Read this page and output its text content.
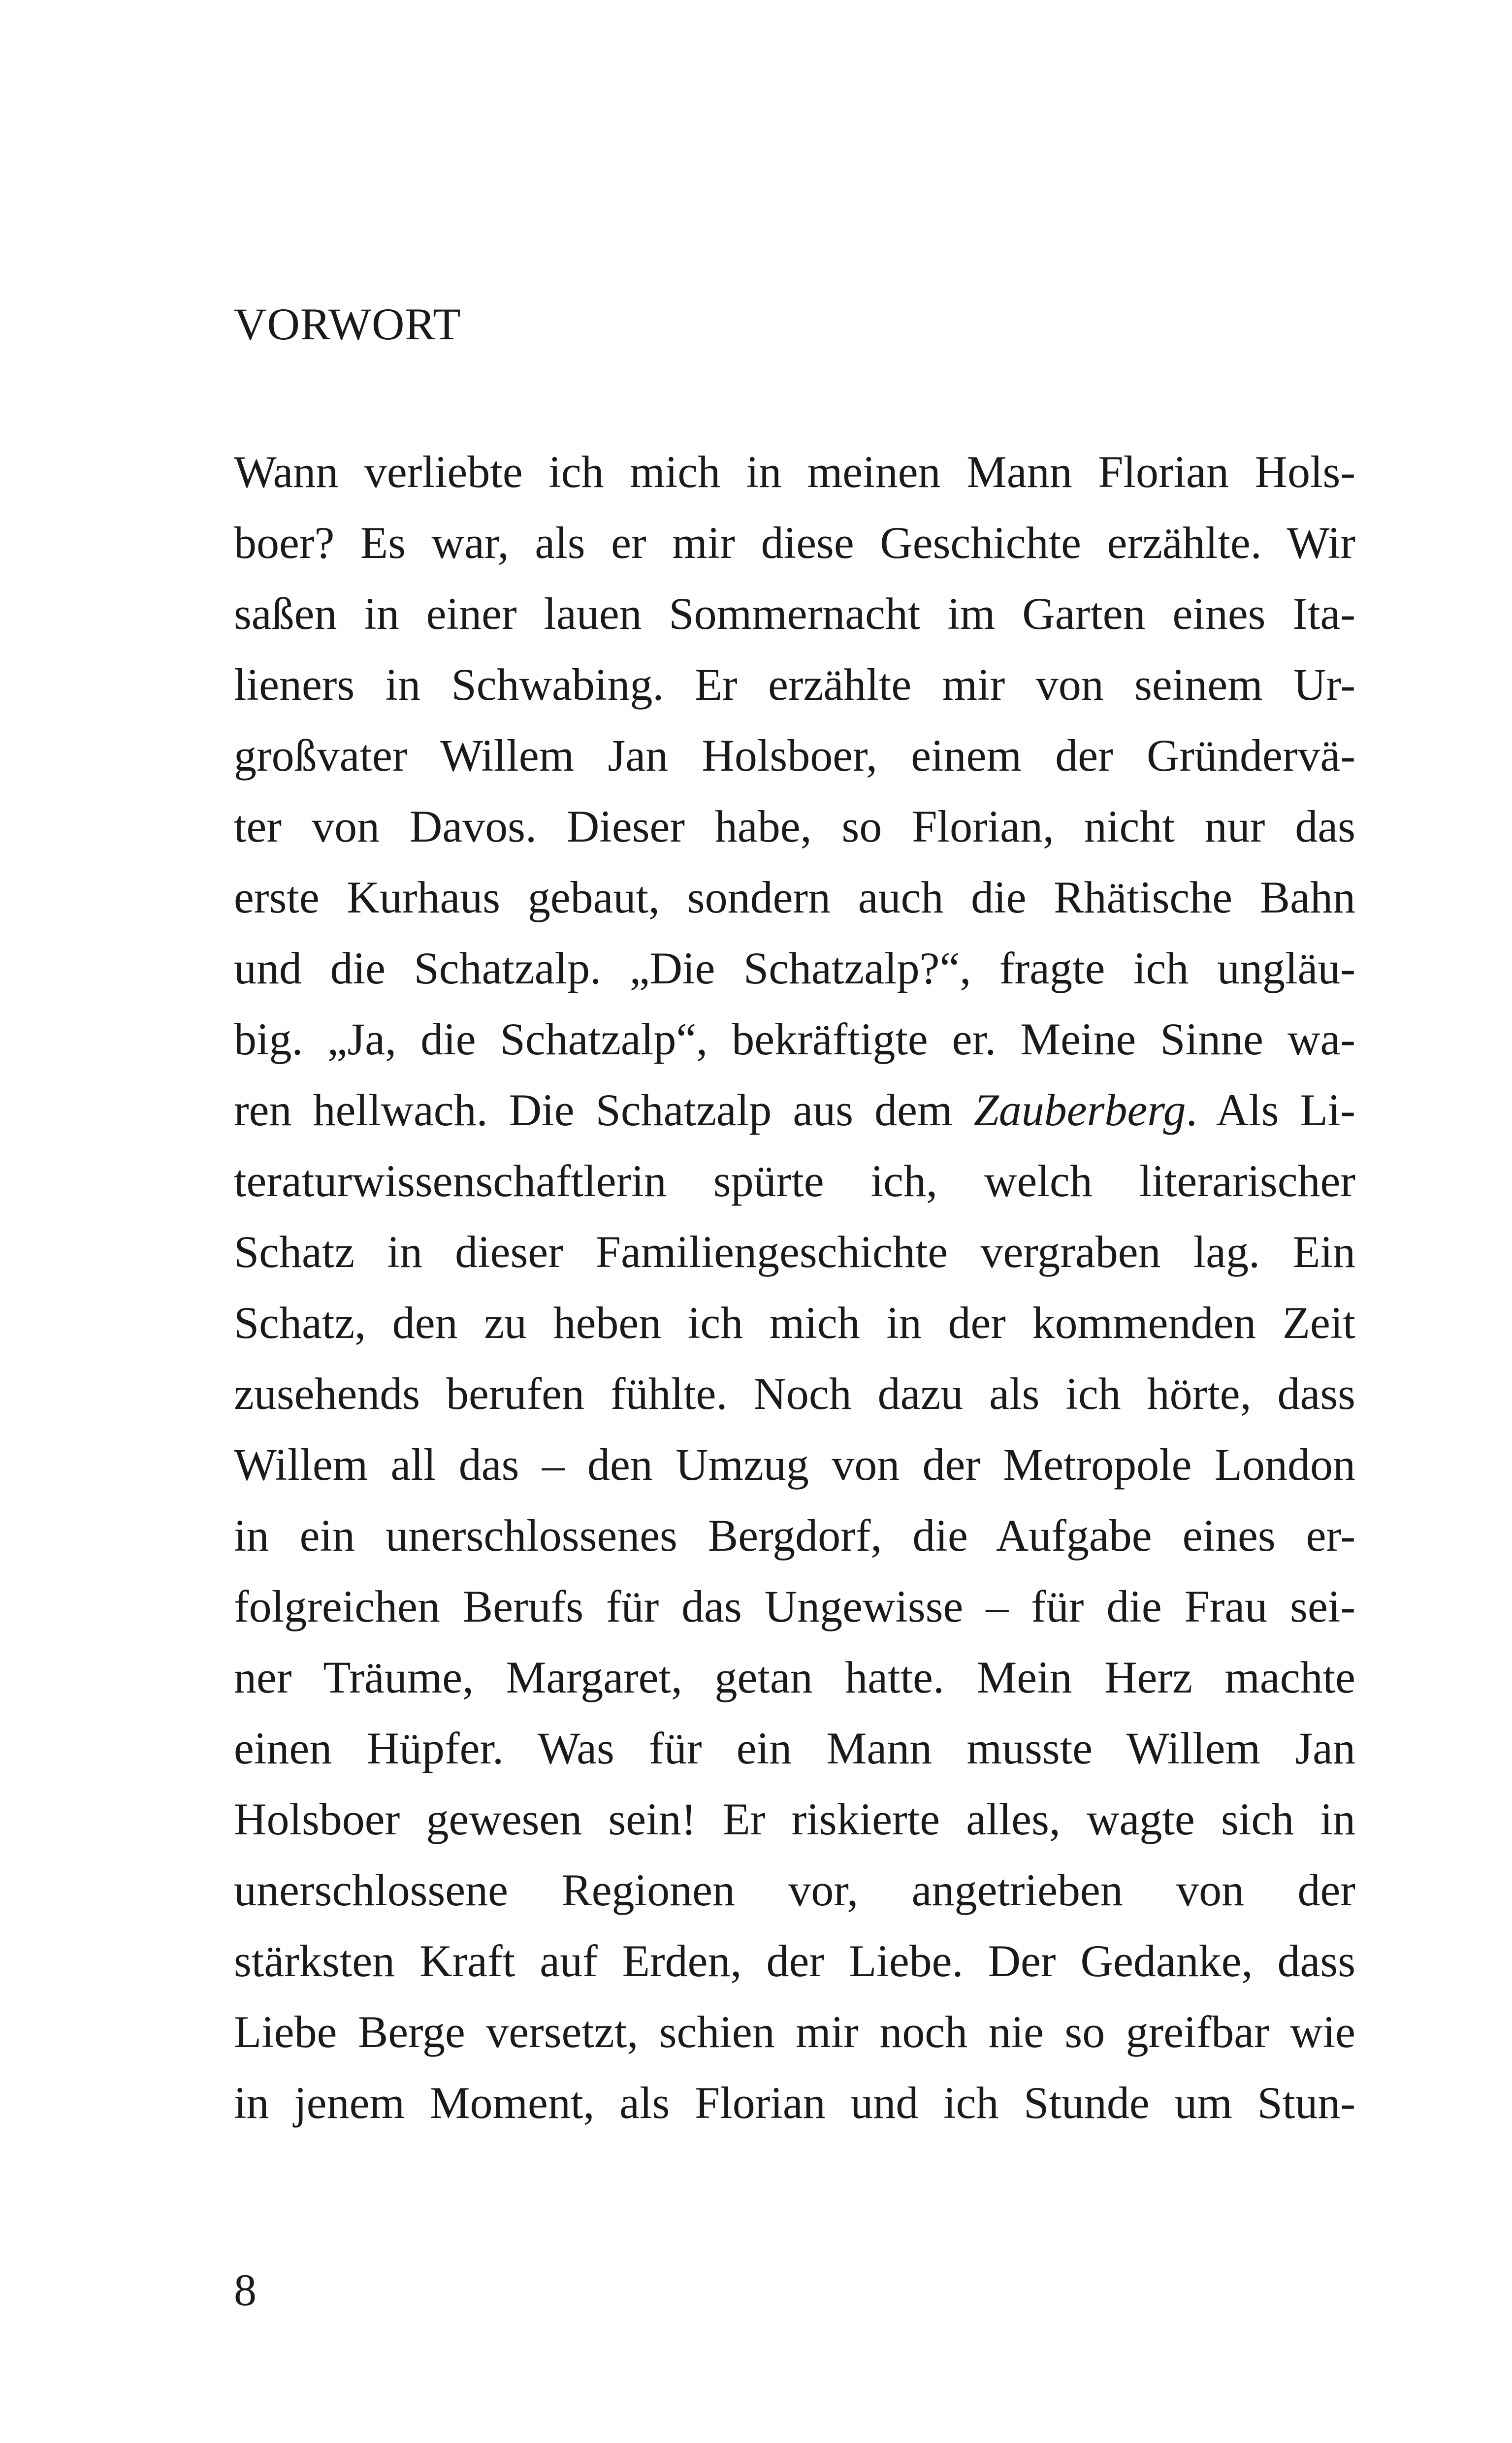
VORWORT
Wann verliebte ich mich in meinen Mann Florian Hols-
boer? Es war, als er mir diese Geschichte erzählte. Wir
saßen in einer lauen Sommernacht im Garten eines Ita-
lieners in Schwabing. Er erzählte mir von seinem Ur-
großvater Willem Jan Holsboer, einem der Gründervä-
ter von Davos. Dieser habe, so Florian, nicht nur das
erste Kurhaus gebaut, sondern auch die Rhätische Bahn
und die Schatzalp. „Die Schatzalp?“, fragte ich ungläu-
big. „Ja, die Schatzalp“, bekräftigte er. Meine Sinne wa-
ren hellwach. Die Schatzalp aus dem Zauberberg. Als Li-
teraturwissenschaftlerin spürte ich, welch literarischer
Schatz in dieser Familiengeschichte vergraben lag. Ein
Schatz, den zu heben ich mich in der kommenden Zeit
zusehends berufen fühlte. Noch dazu als ich hörte, dass
Willem all das – den Umzug von der Metropole London
in ein unerschlossenes Bergdorf, die Aufgabe eines er-
folgreichen Berufs für das Ungewisse – für die Frau sei-
ner Träume, Margaret, getan hatte. Mein Herz machte
einen Hüpfer. Was für ein Mann musste Willem Jan
Holsboer gewesen sein! Er riskierte alles, wagte sich in
unerschlossene Regionen vor, angetrieben von der
stärksten Kraft auf Erden, der Liebe. Der Gedanke, dass
Liebe Berge versetzt, schien mir noch nie so greifbar wie
in jenem Moment, als Florian und ich Stunde um Stun-
8
